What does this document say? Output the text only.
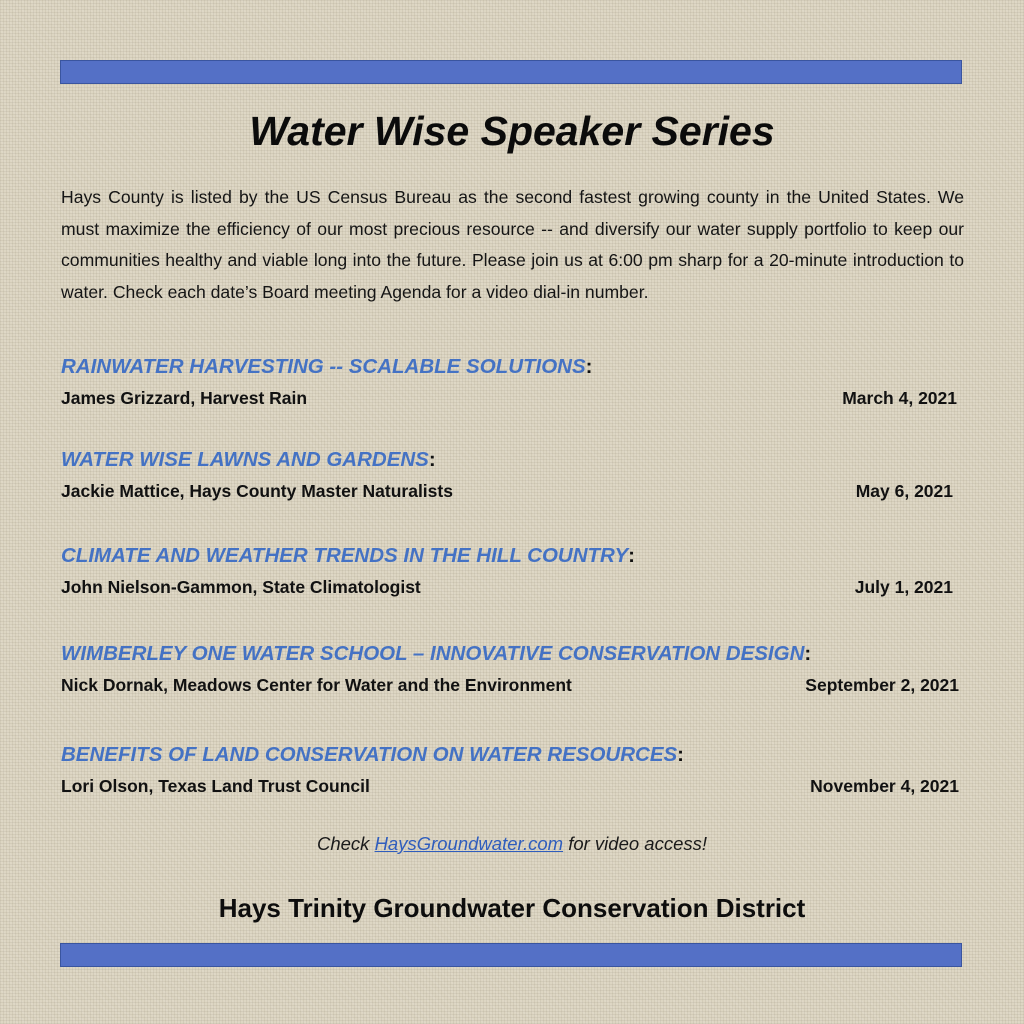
Water Wise Speaker Series

Hays County is listed by the US Census Bureau as the second fastest growing county in the United States. We must maximize the efficiency of our most precious resource -- and diversify our water supply portfolio to keep our communities healthy and viable long into the future. Please join us at 6:00 pm sharp for a 20-minute introduction to water. Check each date’s Board meeting Agenda for a video dial-in number.

RAINWATER HARVESTING -- SCALABLE SOLUTIONS:
James Grizzard, Harvest Rain	March 4, 2021
WATER WISE LAWNS AND GARDENS:
Jackie Mattice, Hays County Master Naturalists	May 6, 2021
CLIMATE AND WEATHER TRENDS IN THE HILL COUNTRY:
John Nielson-Gammon, State Climatologist	July 1, 2021
WIMBERLEY ONE WATER SCHOOL – INNOVATIVE CONSERVATION DESIGN:
Nick Dornak, Meadows Center for Water and the Environment	September 2, 2021
BENEFITS OF LAND CONSERVATION ON WATER RESOURCES:
Lori Olson, Texas Land Trust Council	November 4, 2021
Check HaysGroundwater.com for video access!
Hays Trinity Groundwater Conservation District
